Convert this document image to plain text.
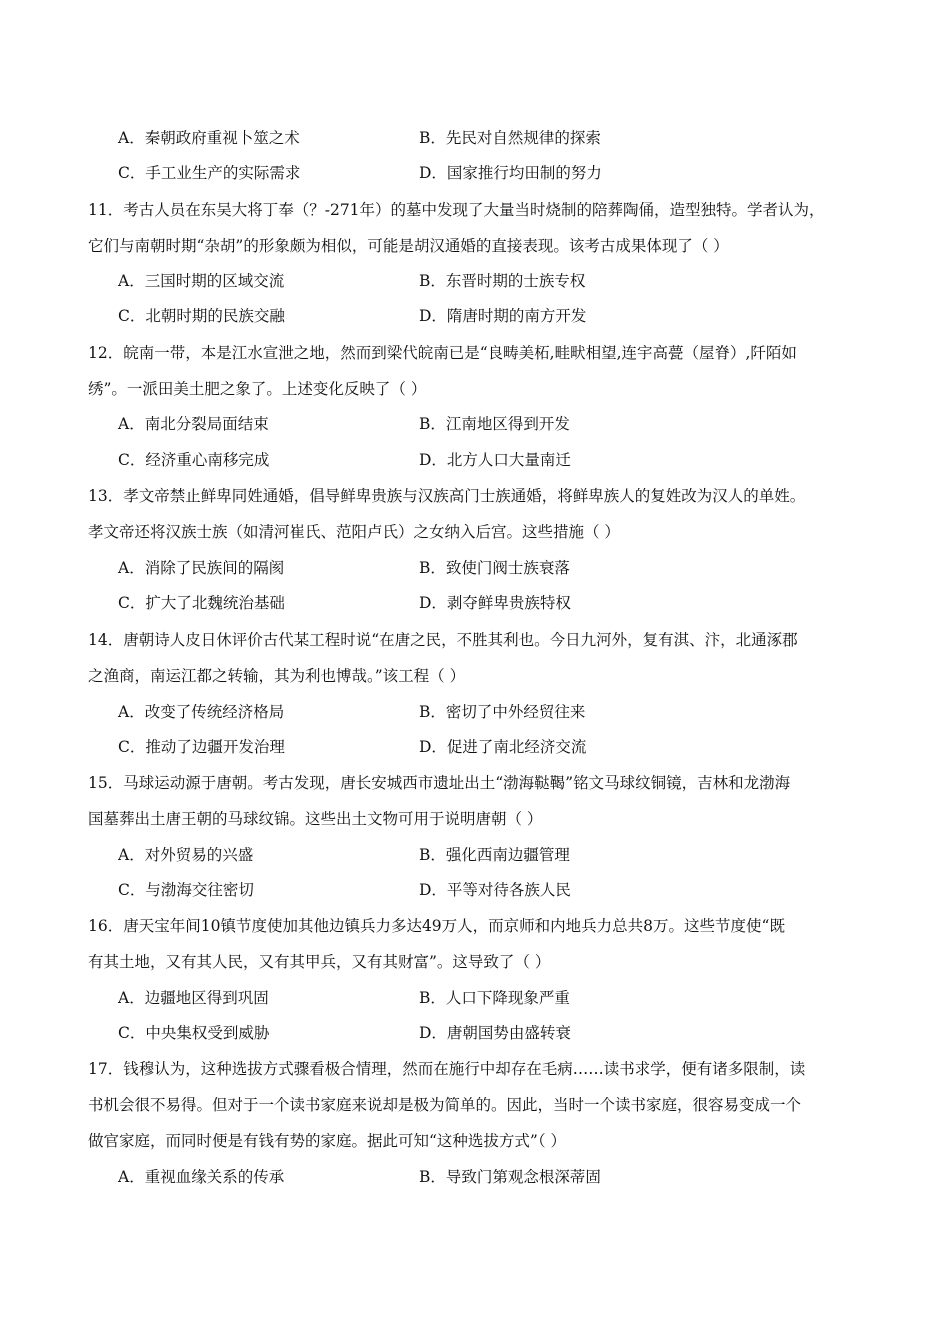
A．秦朝政府重视卜筮之术	B．先民对自然规律的探索
C．手工业生产的实际需求	D．国家推行均田制的努力
11．考古人员在东吴大将丁奉（？-271年）的墓中发现了大量当时烧制的陪葬陶俑，造型独特。学者认为，
它们与南朝时期“杂胡”的形象颇为相似，可能是胡汉通婚的直接表现。该考古成果体现了（ ）
A．三国时期的区域交流	B．东晋时期的士族专权
C．北朝时期的民族交融	D．隋唐时期的南方开发
12．皖南一带，本是江水宣泄之地，然而到梁代皖南已是“良畴美柘,畦畎相望,连宇高甍（屋脊）,阡陌如
绣”。一派田美土肥之象了。上述变化反映了（ ）
A．南北分裂局面结束	B．江南地区得到开发
C．经济重心南移完成	D．北方人口大量南迁
13．孝文帝禁止鲜卑同姓通婚，倡导鲜卑贵族与汉族高门士族通婚，将鲜卑族人的复姓改为汉人的单姓。
孝文帝还将汉族士族（如清河崔氏、范阳卢氏）之女纳入后宫。这些措施（ ）
A．消除了民族间的隔阂	B．致使门阀士族衰落
C．扩大了北魏统治基础	D．剥夺鲜卑贵族特权
14．唐朝诗人皮日休评价古代某工程时说“在唐之民，不胜其利也。今日九河外，复有淇、汴，北通涿郡
之渔商，南运江都之转输，其为利也博哉。”该工程（ ）
A．改变了传统经济格局	B．密切了中外经贸往来
C．推动了边疆开发治理	D．促进了南北经济交流
15．马球运动源于唐朝。考古发现，唐长安城西市遗址出土“渤海鞑鞨”铭文马球纹铜镜，吉林和龙渤海
国墓葬出土唐王朝的马球纹锦。这些出土文物可用于说明唐朝（ ）
A．对外贸易的兴盛	B．强化西南边疆管理
C．与渤海交往密切	D．平等对待各族人民
16．唐天宝年间10镇节度使加其他边镇兵力多达49万人，而京师和内地兵力总共8万。这些节度使“既
有其土地，又有其人民，又有其甲兵，又有其财富”。这导致了（ ）
A．边疆地区得到巩固	B．人口下降现象严重
C．中央集权受到威胁	D．唐朝国势由盛转衰
17．钱穆认为，这种选拔方式骤看极合情理，然而在施行中却存在毛病……读书求学，便有诸多限制，读
书机会很不易得。但对于一个读书家庭来说却是极为简单的。因此，当时一个读书家庭，很容易变成一个
做官家庭，而同时便是有钱有势的家庭。据此可知“这种选拔方式”（ ）
A．重视血缘关系的传承	B．导致门第观念根深蒂固
